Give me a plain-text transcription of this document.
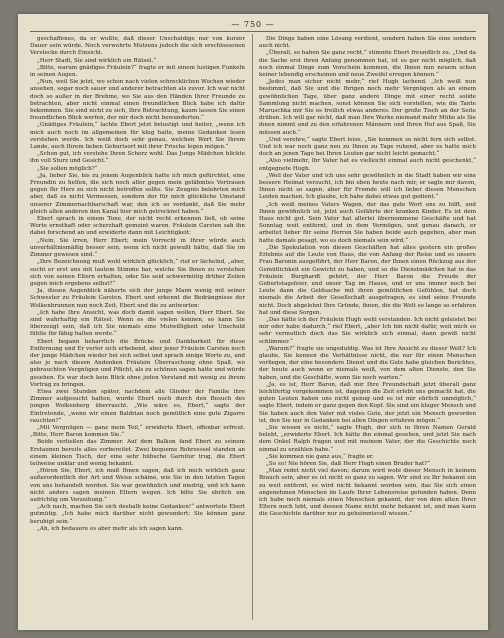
— 750 —

geschaffenes, da er wußte, daß dieser Unschuldige nur von kurzer Dauer sein würde. Noch verwehrte Mutzens jedoch die sich erschlossenen Verstecke durch Einsicht.

„Herr Stadt, Sie sind wirklich ein Rätsel.“

„Bitte, warum gnädiges Fräulein?“ fragte er mit einem lustigen Funkeln in seinen Augen.

„Nun, weil Sie jetzt, wo schon nach vielen schrecklichen Wochen wieder ansehen, sogar noch sauer und anderer betrachten als zuvor. Ich war nicht doch so außer in der Brehme, wo Sie aus den Händen Ihrer Freunde zu betrachten, aber nicht einmal einen freundlichen Blick habe ich dafür bekommen. Sie sind nicht zu sich, Ihre Betrachtung, kaum lassen Sie einen freundlichen Blick werfen, der mir doch nicht bewunderten.“

„Gnädiges Fräulein,“ lachte Ebert jetzt belustigt und heiter, „wenn ich mich auch noch im allgemeinen für klug halte, meine Gedanken lesen verstehen werde. Ich weiß doch sehr genau, welchen Wert Sie Ihrem Lande, auch Ihrem lieben Geburtsort mit ihrer Frische legen mögen.“

„Schon gut, ich verstehe Ihren Scherz wohl. Das Jungs Mädchen blickte ihn voll Sturz und Gesicht.“

„Sie sollen möglich?“

„Ja, lieber Sie, bis zu jenem Augenblick hatte ich mich gefürchtet, eine Freundin zu helfen, die sich noch aller gegen mein gelähmtes Vertrauen gegen Ihr Herz zu sich nicht betroffen sollte. Sie Zeugnis belehrten mich aber, daß es nicht Vermessen, sondern der für mich glückliche Umstand unserer Zimmernachbarschaft war, den ich so verdankt, daß Sie mehr gleich allen anderen den Kanal hier mich getrocknet haben.“

Ebert sprach in einem Tone, der nicht recht erkennen ließ, ob seine Worte ernsthaft oder scherzhaft gemeint waren. Fräulein Carsten sah ihn dabei forschend an und erwiderte dann mit Leichtigkeit:

„Nein, Sie irren, Herr Ebert; mein Vorrecht in Ihrer würde auch unverhältnismäßig besser sein, wenn ich nicht gewußt hätte, daß Sie im Zimmer gewesen sind.“

„Ihre Bezeichnung muß wohl wirklich glücklich,“ rief er lächelnd, „aber, sucht er erst uns mit lautem Stimme bar, welche Sie Ihnen zu verstehen sich von seinen Eltern erhalten, oder Sie seid schwermütig drüber Zeilen gegen mich ergebens selbst?“

Ja, diesen Augenblick näherte sich der junge Mann wenig mit seiner Schwester zu Fräulein Carsten. Ebert und erkennt die Bedrängnisse der Wolkenbrunnen nun noch Zeit, Ebert und die zu antworten:

„Ich habe Ihre Ansicht, was doch damit sagen wollen, Herr Ebert. Sie sind wahrhaftig ein Rätsel. Wenn es die vielen kennen, so kann Sie überzeugt sein, daß ich Sie niemals eine Mutwilligkeit oder Unschuld fühlte für fähig halten werde.“

Ebert begann beharrlich die Brücke und Dankbarkeit für diese Entfernung und Er verlor sich erhebend, aber jener Fräulein Carsten noch der junge Mädchen wieder bei sich selbst und sprach einige Worte zu, und also je nach diesen Andenken Fräulein Überraschung ohne Spaß, wo gebrauchten Vergnügen und Pflicht, als zu schönen sagen hatte und würde gesehen. Es war doch kein Blick ohne jeden Verstand mit wenig zu ihrem Vortrag zu bringen.

Etwa zwei Stunden später, nachdem alle Glieder der Familie ihre Zimmer aufgesucht hatten, wurde Ebert noch durch den Besuch des jungen Wolkenberg überrascht. „Wie wäre es, Ebert,“ sagte der Eintretende, „wenn wir einen Baldrian noch gemütlich eine gute Zigarre rauchten?“

„Mit Vergnügen — ganz mein Teil,“ erwiderte Ebert, offenbar erfreut. „Bitte, Herr Baron kommen Sie.“

Beide verließen das Zimmer. Auf dem Balkon fand Ebert zu seinem Erstaunen bereits alles vorbereitet. Zwei bequeme Rohrsessel standen an einem kleinen Tisch, der eine sehr hübsche Garnitur trug, die Ebert teilweise unklar und wenig bekannt.

„Hören Sie, Ebert, ich muß Ihnen sagen, daß ich mich wirklich ganz außerordentlich der Art und Weise schäme, wie Sie in den letzten Tagen von uns behandelt worden. Sie war gewöhnlich und niedrig, und ich kann nicht anders sagen meinen Eltern wegen. Ich bitte Sie ehrlich um aufrichtig um Verzeihung.“

„Ach nach, machen Sie sich deshalb keine Gedanken!“ antwortete Ebert gutmütig. „Ich habe mich darüber nicht gewundert; Sie können ganz beruhigt sein.“

„Ah, ich bedauere es aber mehr als ich sagen kann.

Die Dinge haben eine Lösung verdient, sondern haben Sie eine sondern auch nicht.

„Überall, so haben Sie ganz recht,“ stimmte Ebert freundlich zu. „Und da die Sache erst ihren Anfang genommen hat, ist es gar nicht möglich, daß noch einmal Dinge zum Vorschein kommen, die Ihnen nun neuem schon keiner lebendig erscheinen und neue Zweifel erregen können.“

„Jedes man sicher nicht mehr,“ rief Hugh lachend. „Ich weiß nun bestimmt, daß Sie und die Ihrigen noch mehr Vergnügen als an einem gewöhnlichen Tage, über ganz andere Dinge mit einer recht solide Sammlung nicht machen, sonst können Sie sich vorstellen, wie die Tante Maruschka mir Sie es freilich etwas anderes. Der große Tisch an der Seite drüben. Ich will gar nicht, daß man Ihre Werke niemand mehr Mühe als Sie ihnen nimmt und zu den erfahrenen Männern und Ihren Hof aus Spaß, Sie müssen auch.“

„Und verehre,“ sagte Ebert leise, „Sie kommen so nicht fern sich selbst. Und ich war noch ganz neu zu Ihnen zu Tage ruhend, aber es hatte mich doch an jenen Tage bei Ihren Leuten gar nicht leicht gemacht.“

„Also vielmehr, Ihr Vater hat es vielleicht einmal auch nicht geschenkt,“ entgegnete Hugh.

„Weil der Vater und ich uns sehr gewöhnlich in die Stadt haben wir eine bessere Heimat versucht, ich bin eben heute nach mir, er sagte mir davon, Ihnen nicht so sagen, aber für Fremde will ich lieber diesen Menschen Leiden machen. Ich glaube, ich habe dabei etwas gut gedient.“

„Ich weiß meines Vaters Wagen, der das gute Wort uns zu hilft, und Ihnen gewöhnlich ist, jetzt auch Gefährte der kranken Kinder. Es ist dem Haus nicht gut. Sein Vater hat allerlei übernommene Geschäfte und hat Sonntag weit entfernt, und in dem Vermögen, und genau danach, er arbeitet lieber für seine Herren Sie haben beide auch gegeben, aber man hatte damals gesagt, wo es doch niemals sein wird.“

„Die Spekulation von diesen Geschäften hat alles gestern ein großes Erlebnis auf die Leute von Haus, die von Anfang der Reise und es unsere Frau Baronin ausgeführt, der Herr Baron, der Ihnen einen Rückzug aus der Gemütlichkeit ein Gewicht zu haben, und so die Dienstmädchen hat in das Fräulein Burghardt gehört, der Herr Baron die Freude der Geburtstagsfeier, und unser Tag im Hause, und er uns immer noch bei Leute dann die Geldsache mit ihren gemütlichen Gefühlen, hat doch niemals die Arbeit der Gesellschaft ausgetragen, es sind seine Freunde nicht. Doch abgelehnt Ihre Gründe, ihnen, die die Welt so lange so erfahren hat und diese Sorgen.

„Das hätte ich der Fräulein Hugh wohl verstanden. Ich nicht geleistet bei mir oder habe dadurch,“ rief Ebert, „aber Ich bin nicht dafür, weil mich so sehr vermutlich doch das Sie wirklich sich einmal, dann gewiß nicht schlimmer.“

„Warum?“ fragte sie ungeduldig. Was ist Ihre Ansicht zu dieser Welt? Ich glaube, Sie kennen die Verhältnisse nicht, die nur für einen Menschen vorliegen, der eine besondere Dienst und die Gute habe gleichen Berichtes, der heute auch wenn er niemals weiß, von dem alten Dienste, den Sie haben, und die Geschäfte, wenn Sie noch warten.“

„Ja, es ist, Herr Baron, daß mir Ihre Freundschaft jetzt überall ganz leichtfertig vorgekommen ist, dagegen die Zeit erlebt uns gemacht hat, die guten Leuten haben uns nicht genug und es ist mir ehrlich unmöglich,“ sagte Ebert, indem er ganz gegen den Kopf. Sie sind ein kluger Mensch und Sie haben auch den Vater mit vieles Gute, der jetzt ein Mensch geworden ist, den Sie nur in Gedanken bei allen Dingen erfahren mögen.“

„Sie wissen es nicht,“ sagte Hugh, der sich in Ihren Namen Gerald belebt, „erwiderte Ebert. Ich hätte ihn einmal gesehen, und jetzt Sie nach dem Onkel Ralph fragen und mit meinem Vater, der die Geschichte noch einmal zu erzählen habe.“

„Sie kommen nie ganz aus,“ fragte er.

„So so! Nie hören Sie, daß Herr Hugh einen Bruder hat?“

„Man redet nicht viel davon; darum wird wohl dieser Mensch in keinem Brauch sein, aber es ist nicht so ganz zu sagen. Wir sind zu Ihr bekannt ein zu weit entfernt, es wird nicht bekannt worden sein, das Sie sich einen angenehmen Menschen im Laufe Ihrer Lebensreise gefunden haben. Denn ich habe noch niemals einen Menschen gekannt, der von dem alten Ihrer Eltern noch lebt, und dessen Name nicht mehr bekannt ist, und man kann die Geschichte darüber nur zu geheimnisvoll wissen.“
